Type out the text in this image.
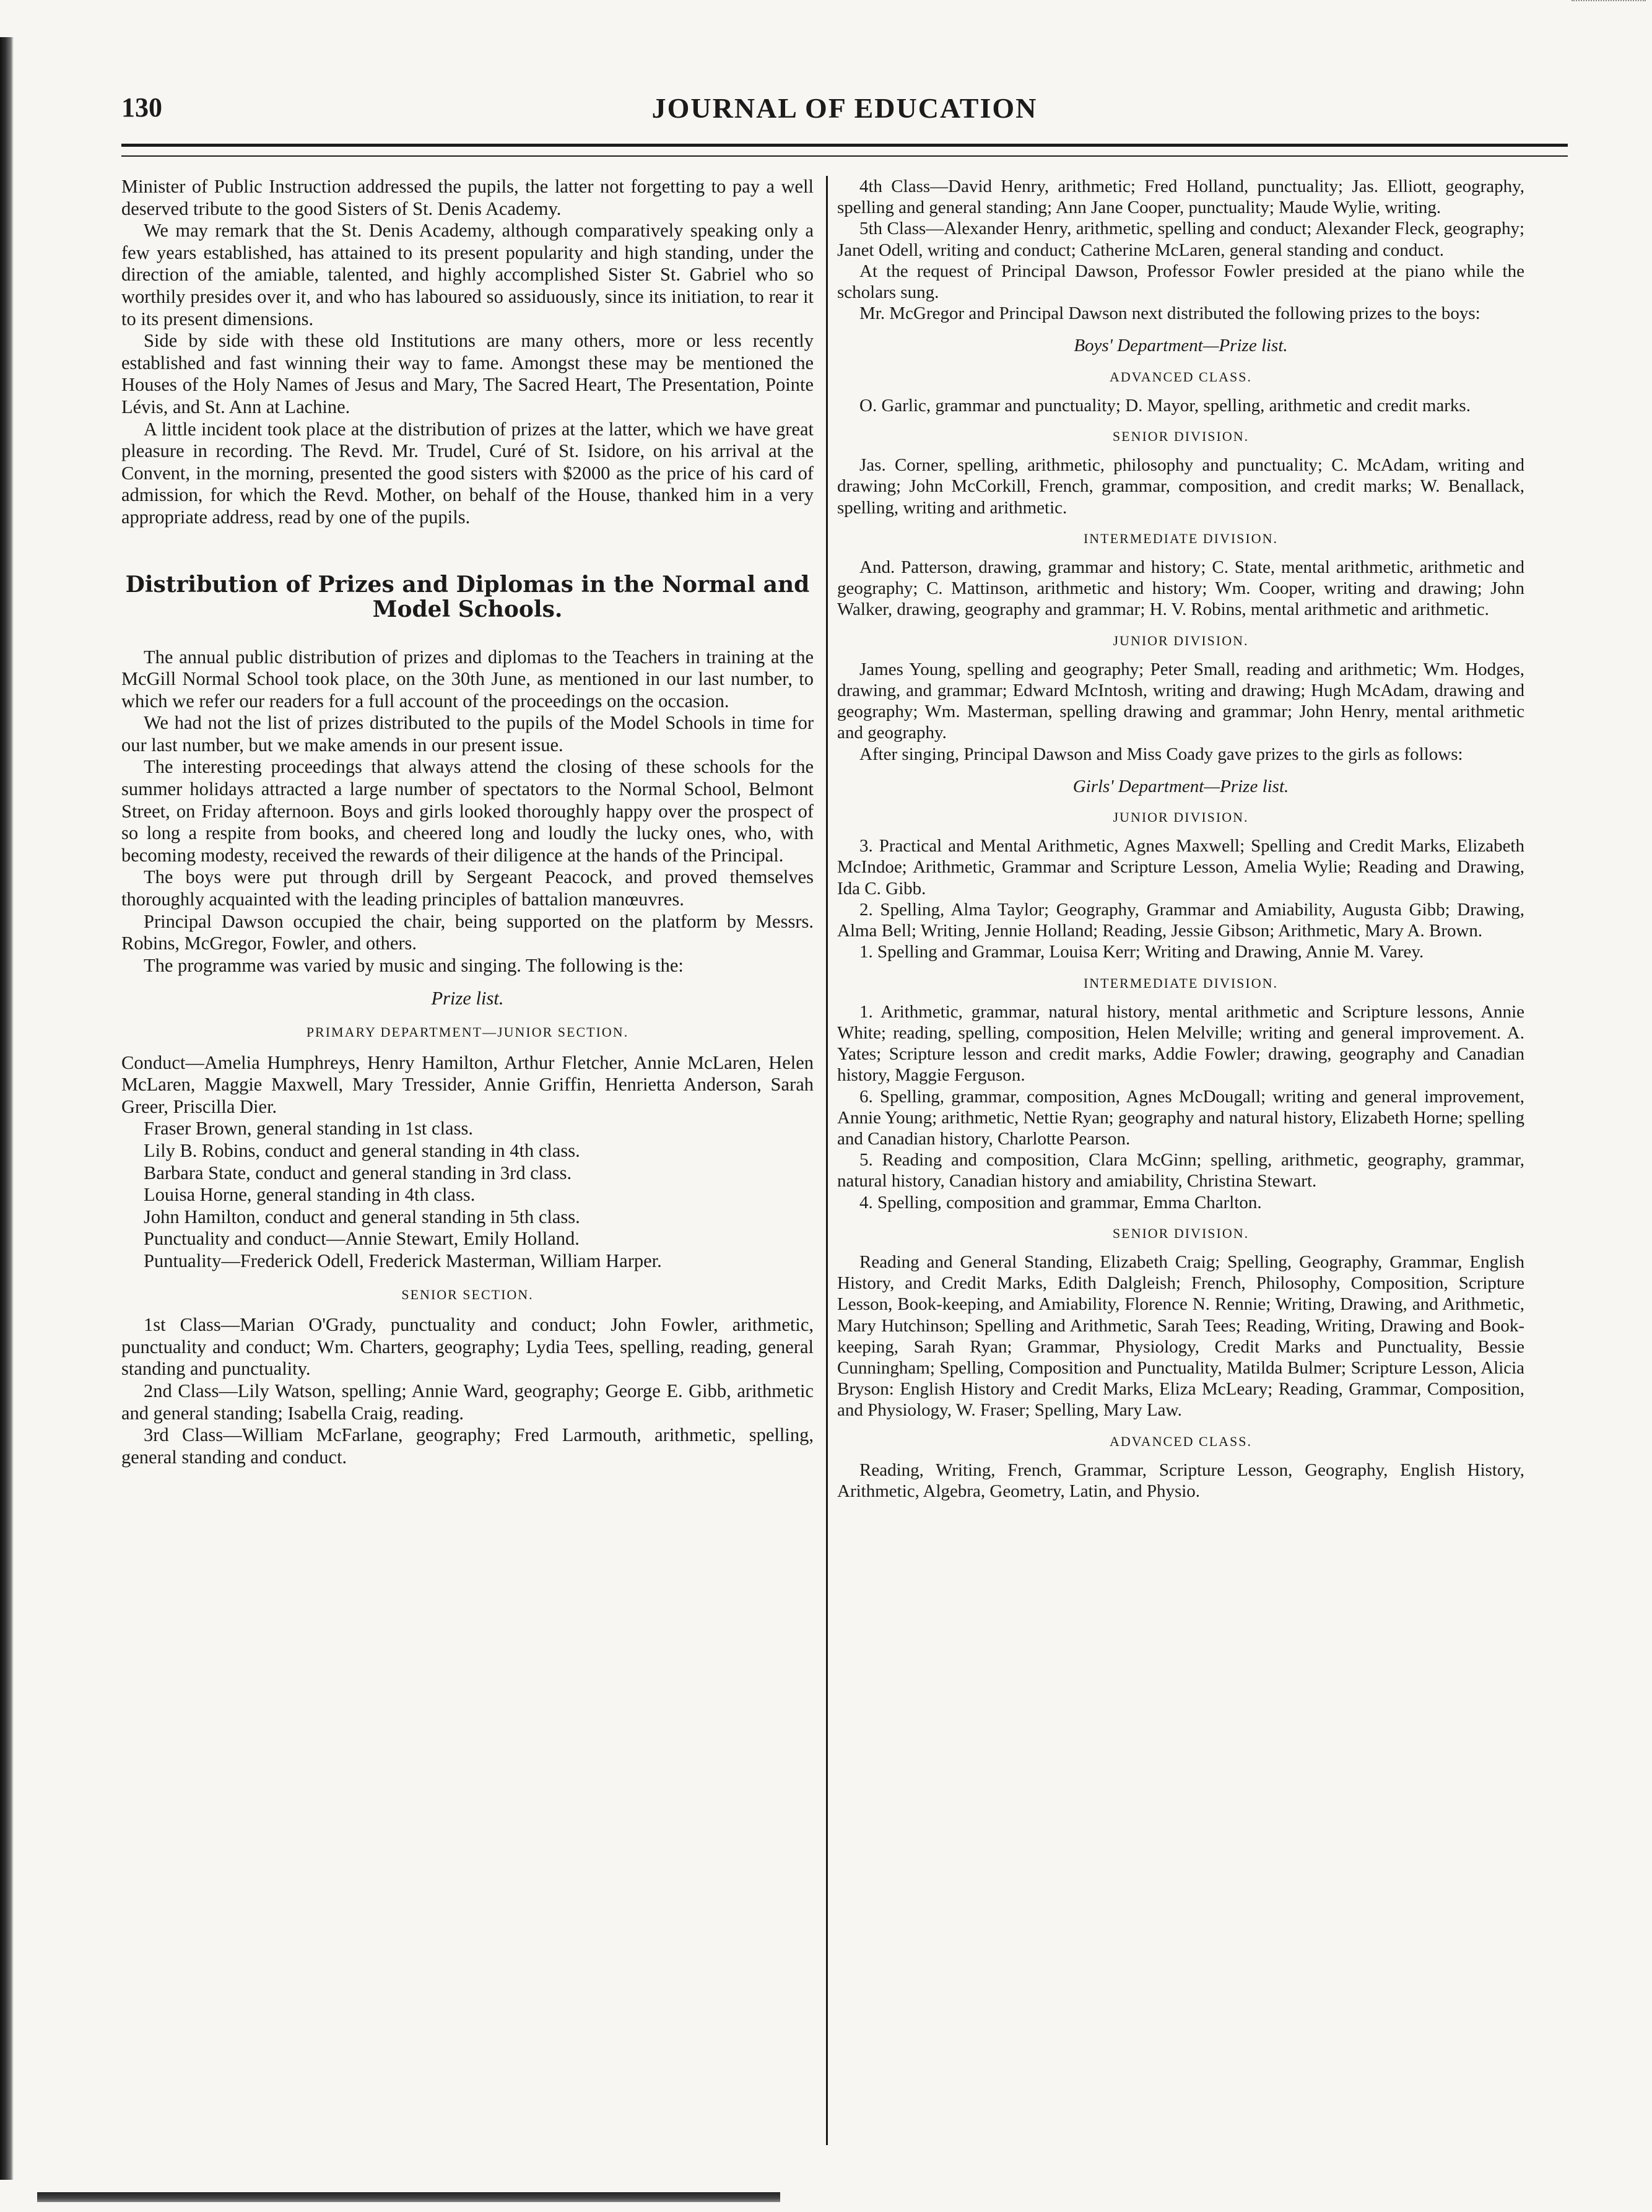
130	JOURNAL OF EDUCATION

Minister of Public Instruction addressed the pupils, the latter not forgetting to pay a well deserved tribute to the good Sisters of St. Denis Academy.

We may remark that the St. Denis Academy, although comparatively speaking only a few years established, has attained to its present popularity and high standing, under the direction of the amiable, talented, and highly accomplished Sister St. Gabriel who so worthily presides over it, and who has laboured so assiduously, since its initiation, to rear it to its present dimensions.

Side by side with these old Institutions are many others, more or less recently established and fast winning their way to fame. Amongst these may be mentioned the Houses of the Holy Names of Jesus and Mary, The Sacred Heart, The Presentation, Pointe Lévis, and St. Ann at Lachine.

A little incident took place at the distribution of prizes at the latter, which we have great pleasure in recording. The Revd. Mr. Trudel, Curé of St. Isidore, on his arrival at the Convent, in the morning, presented the good sisters with $2000 as the price of his card of admission, for which the Revd. Mother, on behalf of the House, thanked him in a very appropriate address, read by one of the pupils.

Distribution of Prizes and Diplomas in the Normal and Model Schools.

The annual public distribution of prizes and diplomas to the Teachers in training at the McGill Normal School took place, on the 30th June, as mentioned in our last number, to which we refer our readers for a full account of the proceedings on the occasion.

We had not the list of prizes distributed to the pupils of the Model Schools in time for our last number, but we make amends in our present issue.

The interesting proceedings that always attend the closing of these schools for the summer holidays attracted a large number of spectators to the Normal School, Belmont Street, on Friday afternoon. Boys and girls looked thoroughly happy over the prospect of so long a respite from books, and cheered long and loudly the lucky ones, who, with becoming modesty, received the rewards of their diligence at the hands of the Principal.

The boys were put through drill by Sergeant Peacock, and proved themselves thoroughly acquainted with the leading principles of battalion manœuvres.

Principal Dawson occupied the chair, being supported on the platform by Messrs. Robins, McGregor, Fowler, and others.

The programme was varied by music and singing. The following is the:

Prize list.
PRIMARY DEPARTMENT—JUNIOR SECTION.

Conduct—Amelia Humphreys, Henry Hamilton, Arthur Fletcher, Annie McLaren, Helen McLaren, Maggie Maxwell, Mary Tressider, Annie Griffin, Henrietta Anderson, Sarah Greer, Priscilla Dier.

Fraser Brown, general standing in 1st class.

Lily B. Robins, conduct and general standing in 4th class.

Barbara State, conduct and general standing in 3rd class.

Louisa Horne, general standing in 4th class.

John Hamilton, conduct and general standing in 5th class.

Punctuality and conduct—Annie Stewart, Emily Holland.

Puntuality—Frederick Odell, Frederick Masterman, William Harper.

SENIOR SECTION.

1st Class—Marian O'Grady, punctuality and conduct; John Fowler, arithmetic, punctuality and conduct; Wm. Charters, geography; Lydia Tees, spelling, reading, general standing and punctuality.

2nd Class—Lily Watson, spelling; Annie Ward, geography; George E. Gibb, arithmetic and general standing; Isabella Craig, reading.

3rd Class—William McFarlane, geography; Fred Larmouth, arithmetic, spelling, general standing and conduct.

4th Class—David Henry, arithmetic; Fred Holland, punctuality; Jas. Elliott, geography, spelling and general standing; Ann Jane Cooper, punctuality; Maude Wylie, writing.

5th Class—Alexander Henry, arithmetic, spelling and conduct; Alexander Fleck, geography; Janet Odell, writing and conduct; Catherine McLaren, general standing and conduct.

At the request of Principal Dawson, Professor Fowler presided at the piano while the scholars sung.

Mr. McGregor and Principal Dawson next distributed the following prizes to the boys:

Boys' Department—Prize list.
ADVANCED CLASS.

O. Garlic, grammar and punctuality; D. Mayor, spelling, arithmetic and credit marks.

SENIOR DIVISION.

Jas. Corner, spelling, arithmetic, philosophy and punctuality; C. McAdam, writing and drawing; John McCorkill, French, grammar, composition, and credit marks; W. Benallack, spelling, writing and arithmetic.

INTERMEDIATE DIVISION.

And. Patterson, drawing, grammar and history; C. State, mental arithmetic, arithmetic and geography; C. Mattinson, arithmetic and history; Wm. Cooper, writing and drawing; John Walker, drawing, geography and grammar; H. V. Robins, mental arithmetic and arithmetic.

JUNIOR DIVISION.

James Young, spelling and geography; Peter Small, reading and arithmetic; Wm. Hodges, drawing, and grammar; Edward McIntosh, writing and drawing; Hugh McAdam, drawing and geography; Wm. Masterman, spelling drawing and grammar; John Henry, mental arithmetic and geography.

After singing, Principal Dawson and Miss Coady gave prizes to the girls as follows:

Girls' Department—Prize list.
JUNIOR DIVISION.

3. Practical and Mental Arithmetic, Agnes Maxwell; Spelling and Credit Marks, Elizabeth McIndoe; Arithmetic, Grammar and Scripture Lesson, Amelia Wylie; Reading and Drawing, Ida C. Gibb.

2. Spelling, Alma Taylor; Geography, Grammar and Amiability, Augusta Gibb; Drawing, Alma Bell; Writing, Jennie Holland; Reading, Jessie Gibson; Arithmetic, Mary A. Brown.

1. Spelling and Grammar, Louisa Kerr; Writing and Drawing, Annie M. Varey.

INTERMEDIATE DIVISION.

1. Arithmetic, grammar, natural history, mental arithmetic and Scripture lessons, Annie White; reading, spelling, composition, Helen Melville; writing and general improvement. A. Yates; Scripture lesson and credit marks, Addie Fowler; drawing, geography and Canadian history, Maggie Ferguson.

6. Spelling, grammar, composition, Agnes McDougall; writing and general improvement, Annie Young; arithmetic, Nettie Ryan; geography and natural history, Elizabeth Horne; spelling and Canadian history, Charlotte Pearson.

5. Reading and composition, Clara McGinn; spelling, arithmetic, geography, grammar, natural history, Canadian history and amiability, Christina Stewart.

4. Spelling, composition and grammar, Emma Charlton.

SENIOR DIVISION.

Reading and General Standing, Elizabeth Craig; Spelling, Geography, Grammar, English History, and Credit Marks, Edith Dalgleish; French, Philosophy, Composition, Scripture Lesson, Book-keeping, and Amiability, Florence N. Rennie; Writing, Drawing, and Arithmetic, Mary Hutchinson; Spelling and Arithmetic, Sarah Tees; Reading, Writing, Drawing and Book-keeping, Sarah Ryan; Grammar, Physiology, Credit Marks and Punctuality, Bessie Cunningham; Spelling, Composition and Punctuality, Matilda Bulmer; Scripture Lesson, Alicia Bryson: English History and Credit Marks, Eliza McLeary; Reading, Grammar, Composition, and Physiology, W. Fraser; Spelling, Mary Law.

ADVANCED CLASS.

Reading, Writing, French, Grammar, Scripture Lesson, Geography, English History, Arithmetic, Algebra, Geometry, Latin, and Physio.
